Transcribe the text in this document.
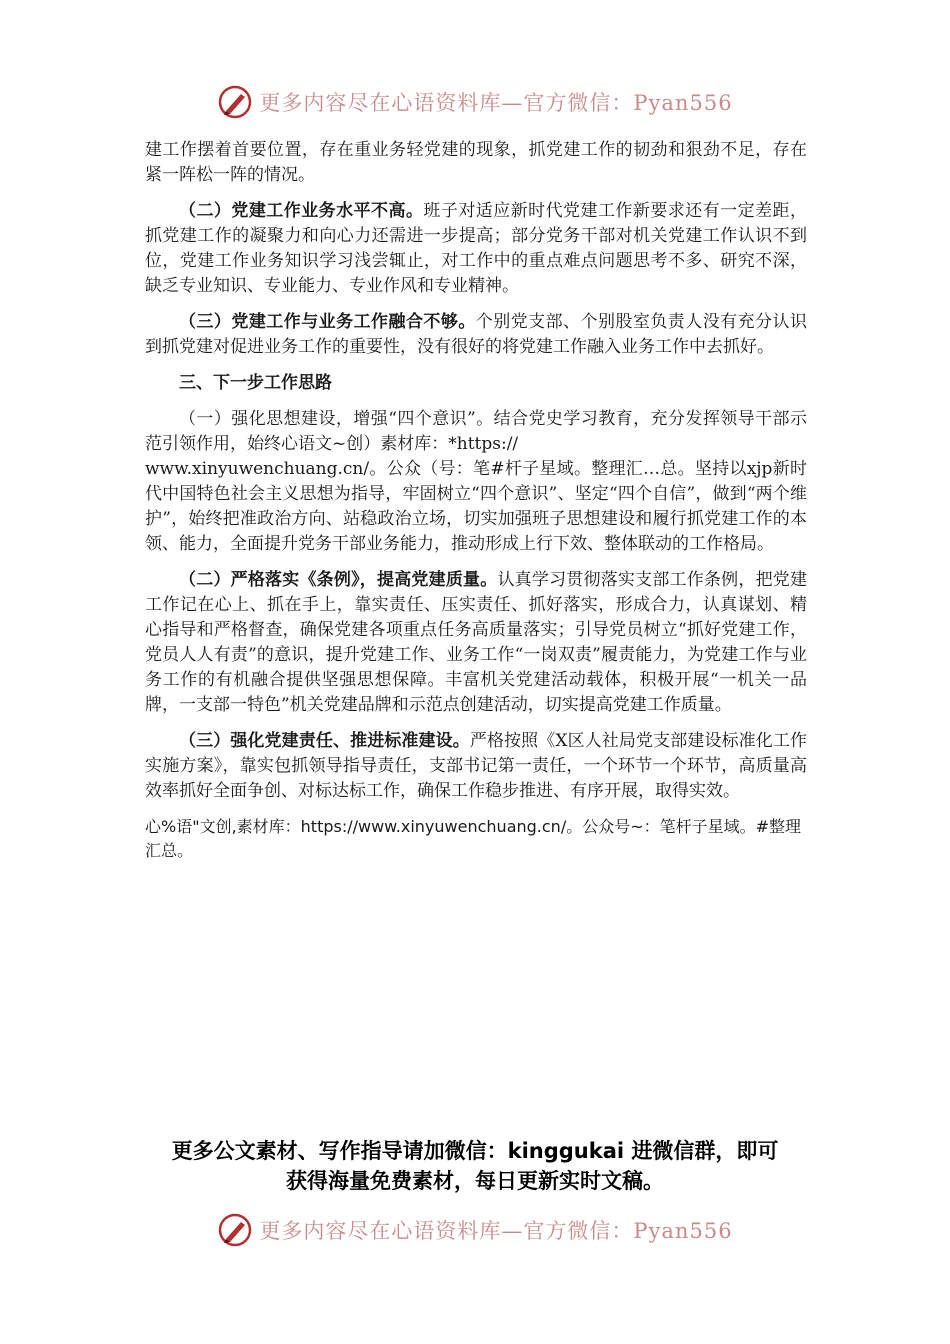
更多内容尽在心语资料库—官方微信：Pyan556

建工作摆着首要位置，存在重业务轻党建的现象，抓党建工作的韧劲和狠劲不足，存在紧一阵松一阵的情况。

（二）党建工作业务水平不高。班子对适应新时代党建工作新要求还有一定差距，抓党建工作的凝聚力和向心力还需进一步提高；部分党务干部对机关党建工作认识不到位，党建工作业务知识学习浅尝辄止，对工作中的重点难点问题思考不多、研究不深，缺乏专业知识、专业能力、专业作风和专业精神。

（三）党建工作与业务工作融合不够。个别党支部、个别股室负责人没有充分认识到抓党建对促进业务工作的重要性，没有很好的将党建工作融入业务工作中去抓好。

三、下一步工作思路

（一）强化思想建设，增强“四个意识”。结合党史学习教育，充分发挥领导干部示范引领作用，始终心语文~创）素材库：*https://
www.xinyuwenchuang.cn/。公众（号：笔#杆子星域。整理汇…总。坚持以xjp新时代中国特色社会主义思想为指导，牢固树立“四个意识”、坚定“四个自信”，做到“两个维护”，始终把准政治方向、站稳政治立场，切实加强班子思想建设和履行抓党建工作的本领、能力，全面提升党务干部业务能力，推动形成上行下效、整体联动的工作格局。

（二）严格落实《条例》，提高党建质量。认真学习贯彻落实支部工作条例，把党建工作记在心上、抓在手上，靠实责任、压实责任、抓好落实，形成合力，认真谋划、精心指导和严格督查，确保党建各项重点任务高质量落实；引导党员树立“抓好党建工作，党员人人有责”的意识，提升党建工作、业务工作“一岗双责”履责能力，为党建工作与业务工作的有机融合提供坚强思想保障。丰富机关党建活动载体，积极开展“一机关一品牌，一支部一特色”机关党建品牌和示范点创建活动，切实提高党建工作质量。

（三）强化党建责任、推进标准建设。严格按照《X区人社局党支部建设标准化工作实施方案》，靠实包抓领导指导责任，支部书记第一责任，一个环节一个环节，高质量高效率抓好全面争创、对标达标工作，确保工作稳步推进、有序开展，取得实效。

心%语"文创,素材库：https://www.xinyuwenchuang.cn/。公众号~：笔杆子星域。#整理汇总。
更多公文素材、写作指导请加微信：kinggukai 进微信群，即可
获得海量免费素材，每日更新实时文稿。
更多内容尽在心语资料库—官方微信：Pyan556
